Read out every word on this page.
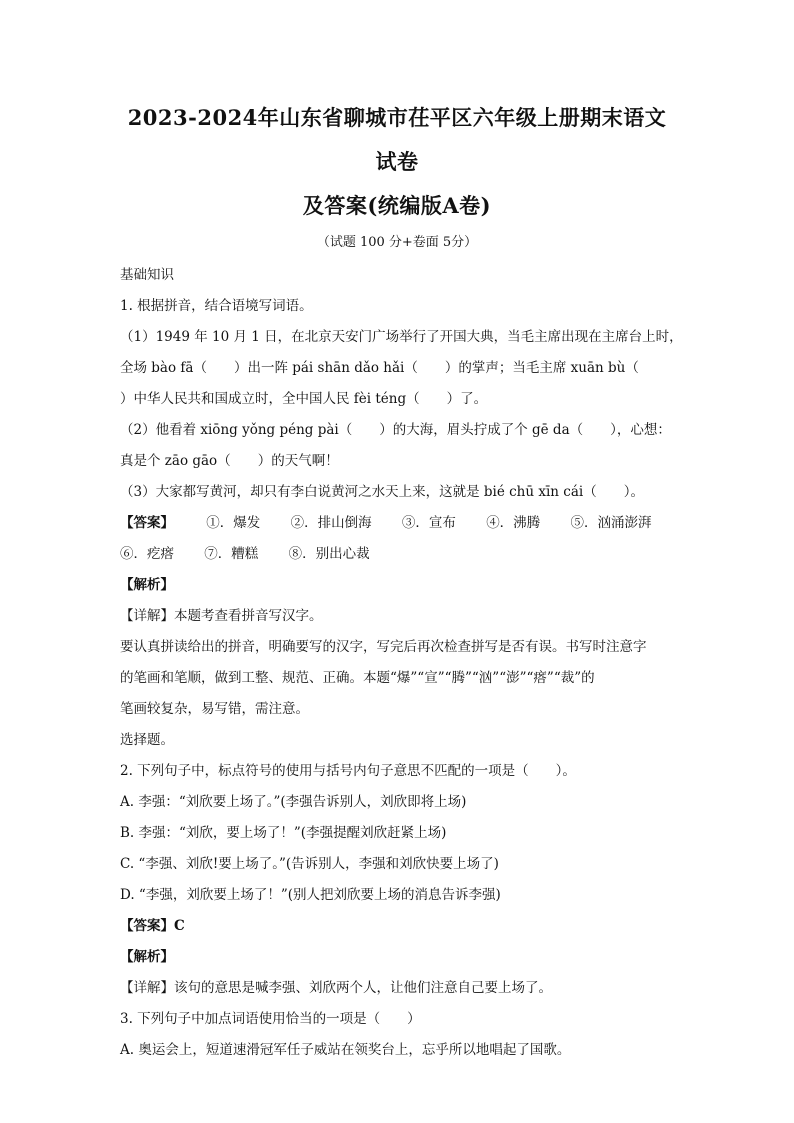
2023-2024年山东省聊城市茌平区六年级上册期末语文试卷
及答案(统编版A卷)
（试题 100 分+卷面 5分）
基础知识
1. 根据拼音，结合语境写词语。
（1）1949 年 10 月 1 日，在北京天安门广场举行了开国大典，当毛主席出现在主席台上时，
全场 bào fā（　　）出一阵 pái shān dǎo hǎi（　　）的掌声；当毛主席 xuān bù（
）中华人民共和国成立时，全中国人民 fèi téng（　　）了。
（2）他看着 xiōng yǒng péng pài（　　）的大海，眉头拧成了个 gē da（　　），心想：
真是个 zāo gāo（　　）的天气啊！
（3）大家都写黄河，却只有李白说黄河之水天上来，这就是 bié chū xīn cái（　　）。
【答案】 ①．爆发 ②．排山倒海 ③．宣布 ④．沸腾 ⑤．汹涌澎湃
⑥．疙瘩 ⑦．糟糕 ⑧．别出心裁
【解析】
【详解】本题考查看拼音写汉字。
要认真拼读给出的拼音，明确要写的汉字，写完后再次检查拼写是否有误。书写时注意字
的笔画和笔顺，做到工整、规范、正确。本题“爆”“宣”“腾”“汹”“澎”“瘩”“裁”的
笔画较复杂，易写错，需注意。
选择题。
2. 下列句子中，标点符号的使用与括号内句子意思不匹配的一项是（　　）。
A. 李强：“刘欣要上场了。”(李强告诉别人，刘欣即将上场)
B. 李强：“刘欣，要上场了！”(李强提醒刘欣赶紧上场)
C. “李强、刘欣!要上场了。”(告诉别人，李强和刘欣快要上场了)
D. “李强，刘欣要上场了！”(别人把刘欣要上场的消息告诉李强)
【答案】C
【解析】
【详解】该句的意思是喊李强、刘欣两个人，让他们注意自己要上场了。
3. 下列句子中加点词语使用恰当的一项是（　　）
A. 奥运会上，短道速滑冠军任子威站在领奖台上，忘乎所以地唱起了国歌。
